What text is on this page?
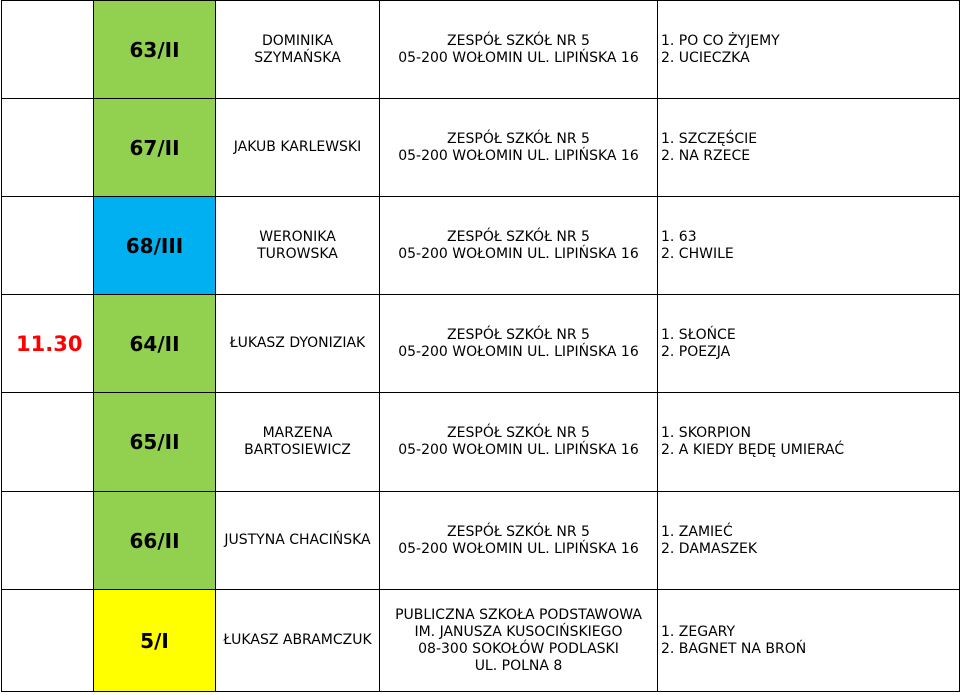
	63/II	DOMINIKA
SZYMAŃSKA	ZESPÓŁ SZKÓŁ NR 5
05-200 WOŁOMIN UL. LIPIŃSKA 16	1. PO CO ŻYJEMY
2. UCIECZKA

	67/II	JAKUB KARLEWSKI	ZESPÓŁ SZKÓŁ NR 5
05-200 WOŁOMIN UL. LIPIŃSKA 16	1. SZCZĘŚCIE
2. NA RZECE

	68/III	WERONIKA
TUROWSKA	ZESPÓŁ SZKÓŁ NR 5
05-200 WOŁOMIN UL. LIPIŃSKA 16	1. 63
2. CHWILE

11.30	64/II	ŁUKASZ DYONIZIAK	ZESPÓŁ SZKÓŁ NR 5
05-200 WOŁOMIN UL. LIPIŃSKA 16	1. SŁOŃCE
2. POEZJA

	65/II	MARZENA
BARTOSIEWICZ	ZESPÓŁ SZKÓŁ NR 5
05-200 WOŁOMIN UL. LIPIŃSKA 16	1. SKORPION
2. A KIEDY BĘDĘ UMIERAĆ

	66/II	JUSTYNA CHACIŃSKA	ZESPÓŁ SZKÓŁ NR 5
05-200 WOŁOMIN UL. LIPIŃSKA 16	1. ZAMIEĆ
2. DAMASZEK

	5/I	ŁUKASZ ABRAMCZUK	PUBLICZNA SZKOŁA PODSTAWOWA
IM. JANUSZA KUSOCIŃSKIEGO
08-300 SOKOŁÓW PODLASKI
UL. POLNA 8	1. ZEGARY
2. BAGNET NA BROŃ
